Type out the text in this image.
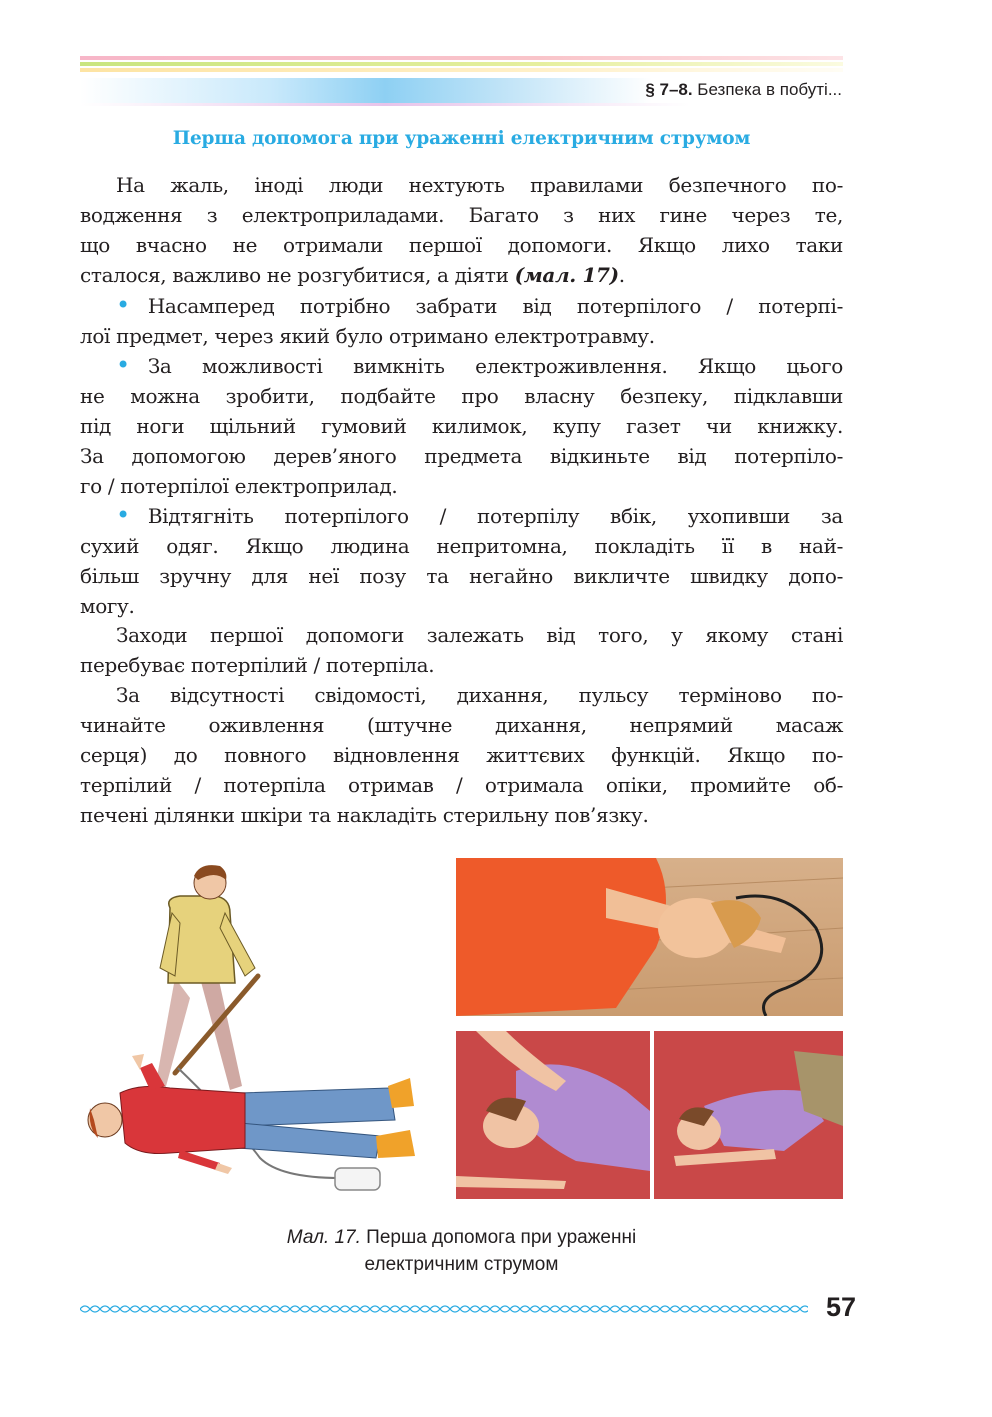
§ 7–8. Безпека в побуті...
Перша допомога при ураженні електричним струмом
На жаль, іноді люди нехтують правилами безпечного по-
водження з електроприладами. Багато з них гине через те,
що вчасно не отримали першої допомоги. Якщо лихо таки
сталося, важливо не розгубитися, а діяти (мал. 17).
• Насамперед потрібно забрати від потерпілого / потерпі-
лої предмет, через який було отримано електротравму.
• За можливості вимкніть електроживлення. Якщо цього
не можна зробити, подбайте про власну безпеку, підклавши
під ноги щільний гумовий килимок, купу газет чи книжку.
За допомогою дерев’яного предмета відкиньте від потерпіло-
го / потерпілої електроприлад.
• Відтягніть потерпілого / потерпілу вбік, ухопивши за
сухий одяг. Якщо людина непритомна, покладіть її в най-
більш зручну для неї позу та негайно викличте швидку допо-
могу.
Заходи першої допомоги залежать від того, у якому стані
перебуває потерпілий / потерпіла.
За відсутності свідомості, дихання, пульсу терміново по-
чинайте оживлення (штучне дихання, непрямий масаж
серця) до повного відновлення життєвих функцій. Якщо по-
терпілий / потерпіла отримав / отримала опіки, промийте об-
печені ділянки шкіри та накладіть стерильну пов’язку.
Мал. 17. Перша допомога при ураженні
електричним струмом
57
